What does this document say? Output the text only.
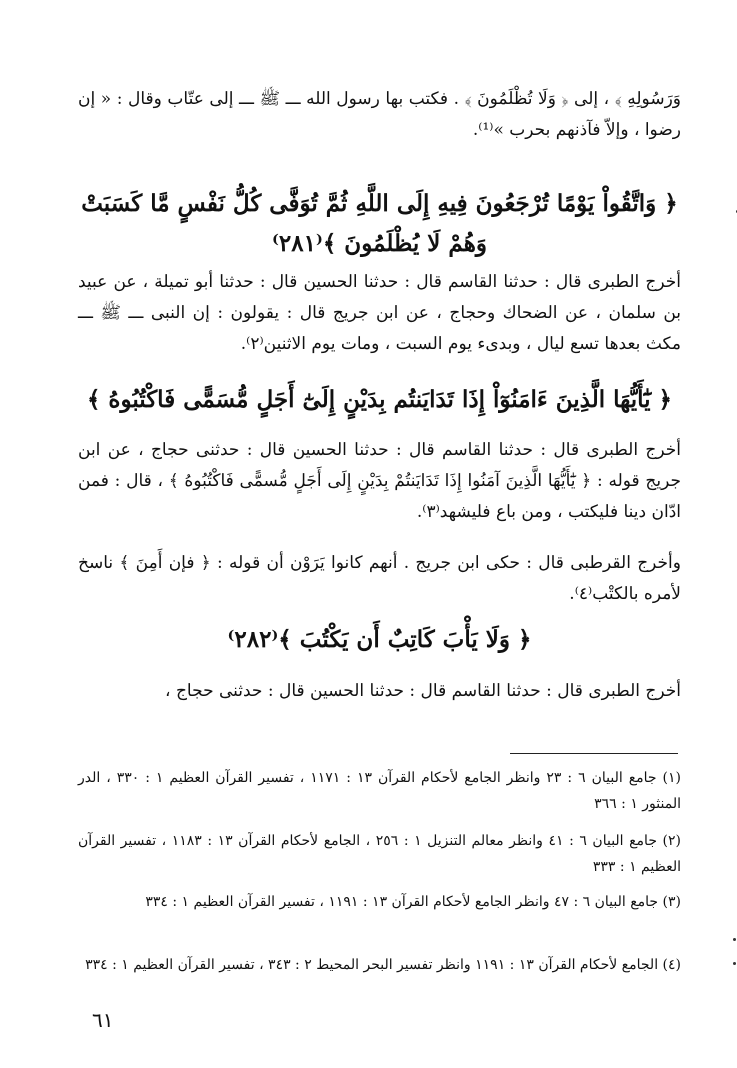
وَرَسُولِهِ ﴾ ، إلى ﴿ وَلَا تُظْلَمُونَ ﴾ . فكتب بها رسول الله ـــ ﷺ ـــ إلى عتّاب وقال : « إن رضوا ، وإلاّ فآذنهم بحرب »⁽¹⁾.
﴿ وَاتَّقُواْ يَوْمًا تُرْجَعُونَ فِيهِ إِلَى اللَّهِ ثُمَّ تُوَفَّى كُلُّ نَفْسٍ مَّا كَسَبَتْ وَهُمْ لَا يُظْلَمُونَ ﴾⁽٢٨١⁾
أخرج الطبرى قال : حدثنا القاسم قال : حدثنا الحسين قال : حدثنا أبو تميلة ، عن عبيد بن سلمان ، عن الضحاك وحجاج ، عن ابن جريج قال : يقولون : إن النبى ـــ ﷺ ـــ مكث بعدها تسع ليال ، وبدىء يوم السبت ، ومات يوم الاثنين⁽٢⁾.
﴿ يَٰٓأَيُّهَا الَّذِينَ ءَامَنُوٓاْ إِذَا تَدَايَنتُم بِدَيْنٍ إِلَىٰٓ أَجَلٍ مُّسَمًّى فَاكْتُبُوهُ ﴾
أخرج الطبرى قال : حدثنا القاسم قال : حدثنا الحسين قال : حدثنى حجاج ، عن ابن جريج قوله : ﴿ يَٰٓأَيُّهَا الَّذِينَ آمَنُوا إِذَا تَدَايَنتُمْ بِدَيْنٍ إِلَى أَجَلٍ مُّسمًّى فَاكْتُبُوهُ ﴾ ، قال : فمن ادّان دينا فليكتب ، ومن باع فليشهد⁽٣⁾.
وأخرج القرطبى قال : حكى ابن جريج . أنهم كانوا يَرَوْن أن قوله : ﴿ فإن أَمِنَ ﴾ ناسخ لأمره بالكتْب⁽٤⁾.
﴿ وَلَا يَأْبَ كَاتِبٌ أَن يَكْتُبَ ﴾⁽٢٨٢⁾
أخرج الطبرى قال : حدثنا القاسم قال : حدثنا الحسين قال : حدثنى حجاج ،
(١) جامع البيان ٦ : ٢٣ وانظر الجامع لأحكام القرآن ١٣ : ١١٧١ ، تفسير القرآن العظيم ١ : ٣٣٠ ، الدر المنثور ١ : ٣٦٦
(٢) جامع البيان ٦ : ٤١ وانظر معالم التنزيل ١ : ٢٥٦ ، الجامع لأحكام القرآن ١٣ : ١١٨٣ ، تفسير القرآن العظيم ١ : ٣٣٣
(٣) جامع البيان ٦ : ٤٧ وانظر الجامع لأحكام القرآن ١٣ : ١١٩١ ، تفسير القرآن العظيم ١ : ٣٣٤
(٤) الجامع لأحكام القرآن ١٣ : ١١٩١ وانظر تفسير البحر المحيط ٢ : ٣٤٣ ، تفسير القرآن العظيم ١ : ٣٣٤
٦١
